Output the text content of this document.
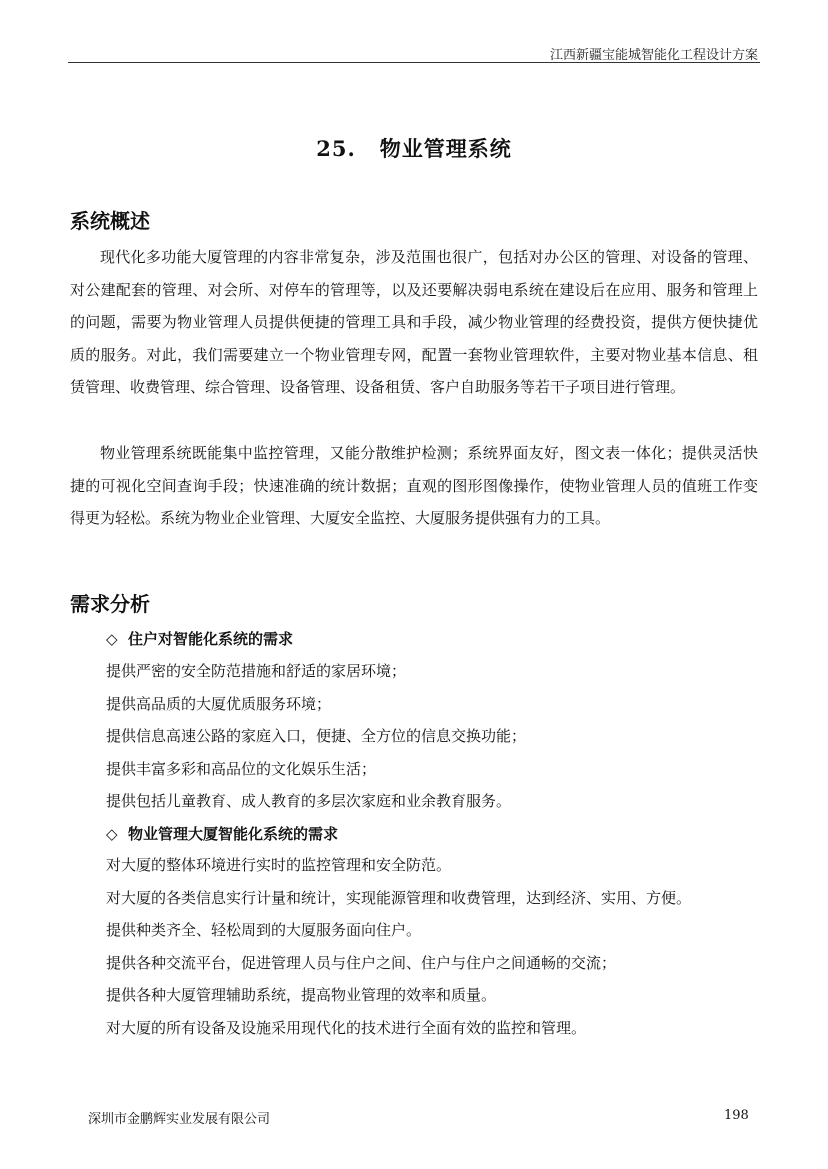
江西新疆宝能城智能化工程设计方案
25. 物业管理系统
系统概述

现代化多功能大厦管理的内容非常复杂，涉及范围也很广，包括对办公区的管理、对设备的管理、对公建配套的管理、对会所、对停车的管理等，以及还要解决弱电系统在建设后在应用、服务和管理上的问题，需要为物业管理人员提供便捷的管理工具和手段，减少物业管理的经费投资，提供方便快捷优质的服务。对此，我们需要建立一个物业管理专网，配置一套物业管理软件，主要对物业基本信息、租赁管理、收费管理、综合管理、设备管理、设备租赁、客户自助服务等若干子项目进行管理。

物业管理系统既能集中监控管理，又能分散维护检测；系统界面友好，图文表一体化；提供灵活快捷的可视化空间查询手段；快速准确的统计数据；直观的图形图像操作，使物业管理人员的值班工作变得更为轻松。系统为物业企业管理、大厦安全监控、大厦服务提供强有力的工具。

需求分析
◇ 住户对智能化系统的需求
提供严密的安全防范措施和舒适的家居环境；
提供高品质的大厦优质服务环境；
提供信息高速公路的家庭入口，便捷、全方位的信息交换功能；
提供丰富多彩和高品位的文化娱乐生活；
提供包括儿童教育、成人教育的多层次家庭和业余教育服务。
◇ 物业管理大厦智能化系统的需求
对大厦的整体环境进行实时的监控管理和安全防范。
对大厦的各类信息实行计量和统计，实现能源管理和收费管理，达到经济、实用、方便。
提供种类齐全、轻松周到的大厦服务面向住户。
提供各种交流平台，促进管理人员与住户之间、住户与住户之间通畅的交流；
提供各种大厦管理辅助系统，提高物业管理的效率和质量。
对大厦的所有设备及设施采用现代化的技术进行全面有效的监控和管理。
深圳市金鹏辉实业发展有限公司	198
